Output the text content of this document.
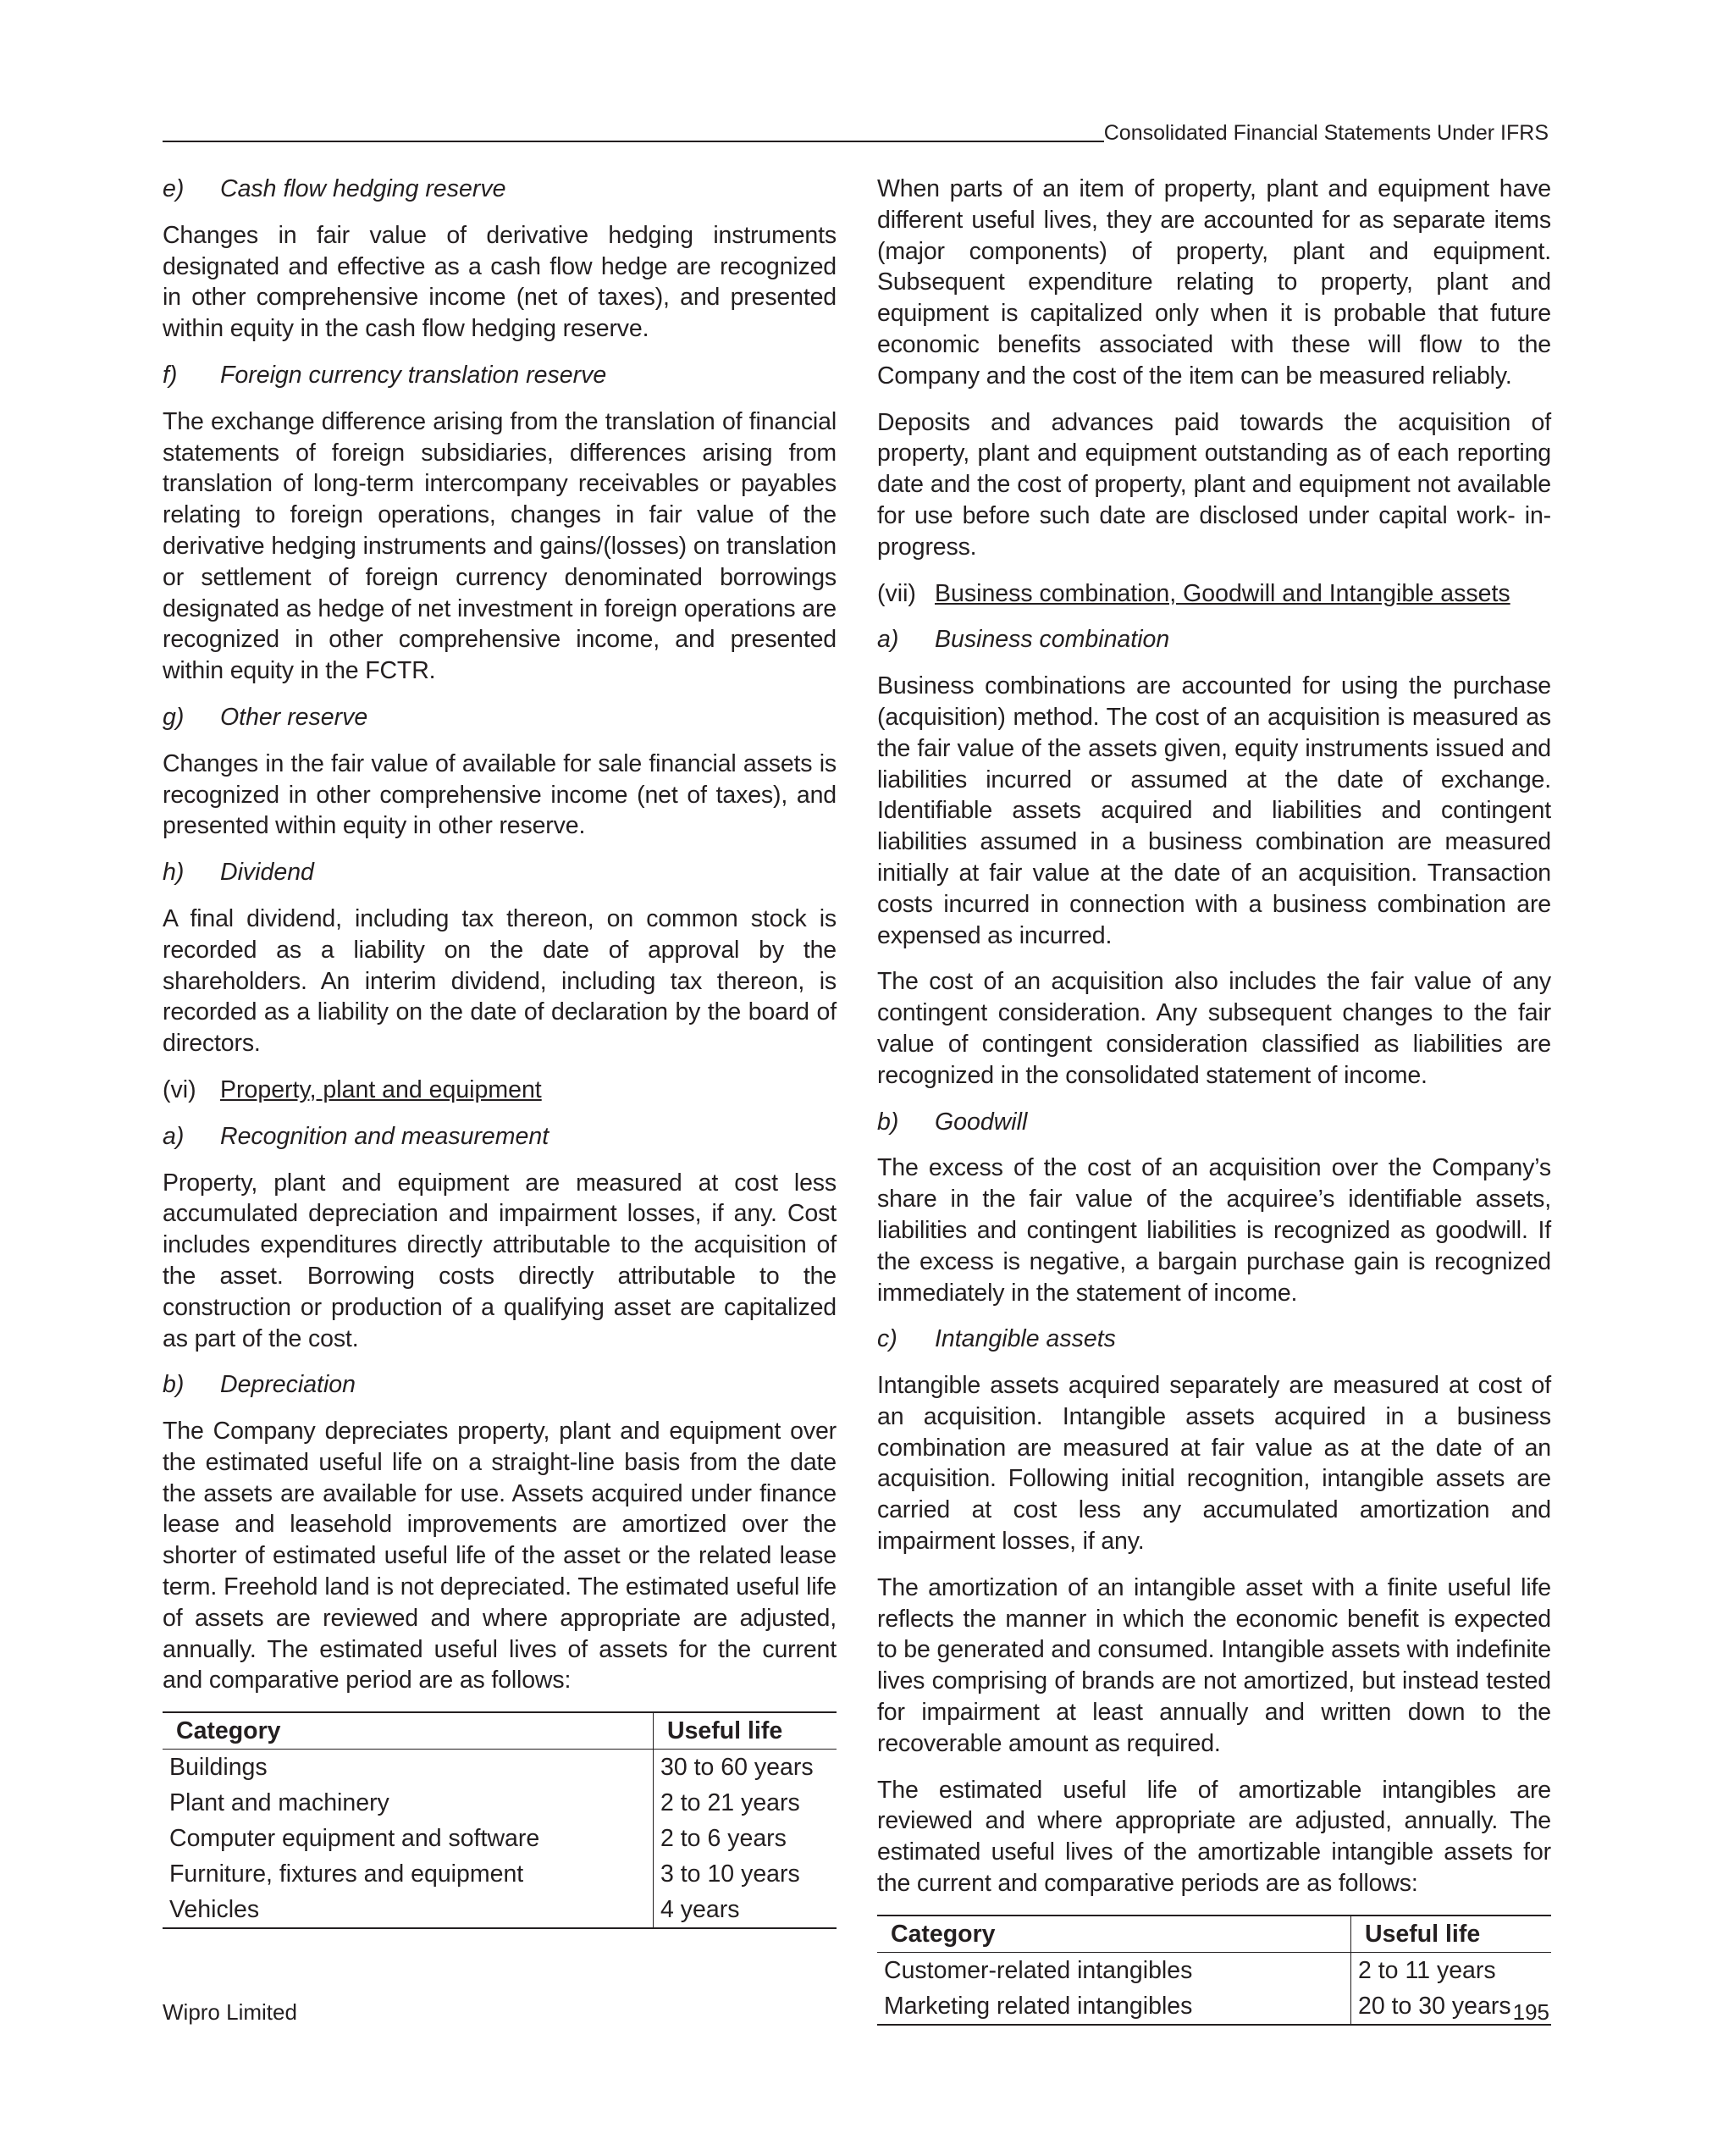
Consolidated Financial Statements Under IFRS
e)	Cash flow hedging reserve

Changes in fair value of derivative hedging instruments designated and effective as a cash flow hedge are recognized in other comprehensive income (net of taxes), and presented within equity in the cash flow hedging reserve.

f)	Foreign currency translation reserve

The exchange difference arising from the translation of financial statements of foreign subsidiaries, differences arising from translation of long-term intercompany receivables or payables relating to foreign operations, changes in fair value of the derivative hedging instruments and gains/(losses) on translation or settlement of foreign currency denominated borrowings designated as hedge of net investment in foreign operations are recognized in other comprehensive income, and presented within equity in the FCTR.

g)	Other reserve

Changes in the fair value of available for sale financial assets is recognized in other comprehensive income (net of taxes), and presented within equity in other reserve.

h)	Dividend

A final dividend, including tax thereon, on common stock is recorded as a liability on the date of approval by the shareholders. An interim dividend, including tax thereon, is recorded as a liability on the date of declaration by the board of directors.

(vi) Property, plant and equipment
a)	Recognition and measurement

Property, plant and equipment are measured at cost less accumulated depreciation and impairment losses, if any. Cost includes expenditures directly attributable to the acquisition of the asset. Borrowing costs directly attributable to the construction or production of a qualifying asset are capitalized as part of the cost.

b)	Depreciation

The Company depreciates property, plant and equipment over the estimated useful life on a straight-line basis from the date the assets are available for use. Assets acquired under finance lease and leasehold improvements are amortized over the shorter of estimated useful life of the asset or the related lease term. Freehold land is not depreciated. The estimated useful life of assets are reviewed and where appropriate are adjusted, annually. The estimated useful lives of assets for the current and comparative period are as follows:

Category	Useful life
Buildings	30 to 60 years
Plant and machinery	2 to 21 years
Computer equipment and software	2 to 6 years
Furniture, fixtures and equipment	3 to 10 years
Vehicles	4 years

When parts of an item of property, plant and equipment have different useful lives, they are accounted for as separate items (major components) of property, plant and equipment. Subsequent expenditure relating to property, plant and equipment is capitalized only when it is probable that future economic benefits associated with these will flow to the Company and the cost of the item can be measured reliably.

Deposits and advances paid towards the acquisition of property, plant and equipment outstanding as of each reporting date and the cost of property, plant and equipment not available for use before such date are disclosed under capital work- in-progress.

(vii) Business combination, Goodwill and Intangible assets
a)	Business combination

Business combinations are accounted for using the purchase (acquisition) method. The cost of an acquisition is measured as the fair value of the assets given, equity instruments issued and liabilities incurred or assumed at the date of exchange. Identifiable assets acquired and liabilities and contingent liabilities assumed in a business combination are measured initially at fair value at the date of an acquisition. Transaction costs incurred in connection with a business combination are expensed as incurred.

The cost of an acquisition also includes the fair value of any contingent consideration. Any subsequent changes to the fair value of contingent consideration classified as liabilities are recognized in the consolidated statement of income.

b)	Goodwill

The excess of the cost of an acquisition over the Company’s share in the fair value of the acquiree’s identifiable assets, liabilities and contingent liabilities is recognized as goodwill. If the excess is negative, a bargain purchase gain is recognized immediately in the statement of income.

c)	Intangible assets

Intangible assets acquired separately are measured at cost of an acquisition. Intangible assets acquired in a business combination are measured at fair value as at the date of an acquisition. Following initial recognition, intangible assets are carried at cost less any accumulated amortization and impairment losses, if any.

The amortization of an intangible asset with a finite useful life reflects the manner in which the economic benefit is expected to be generated and consumed. Intangible assets with indefinite lives comprising of brands are not amortized, but instead tested for impairment at least annually and written down to the recoverable amount as required.

The estimated useful life of amortizable intangibles are reviewed and where appropriate are adjusted, annually. The estimated useful lives of the amortizable intangible assets for the current and comparative periods are as follows:

Category	Useful life
Customer-related intangibles	2 to 11 years
Marketing related intangibles	20 to 30 years
Wipro Limited	195
